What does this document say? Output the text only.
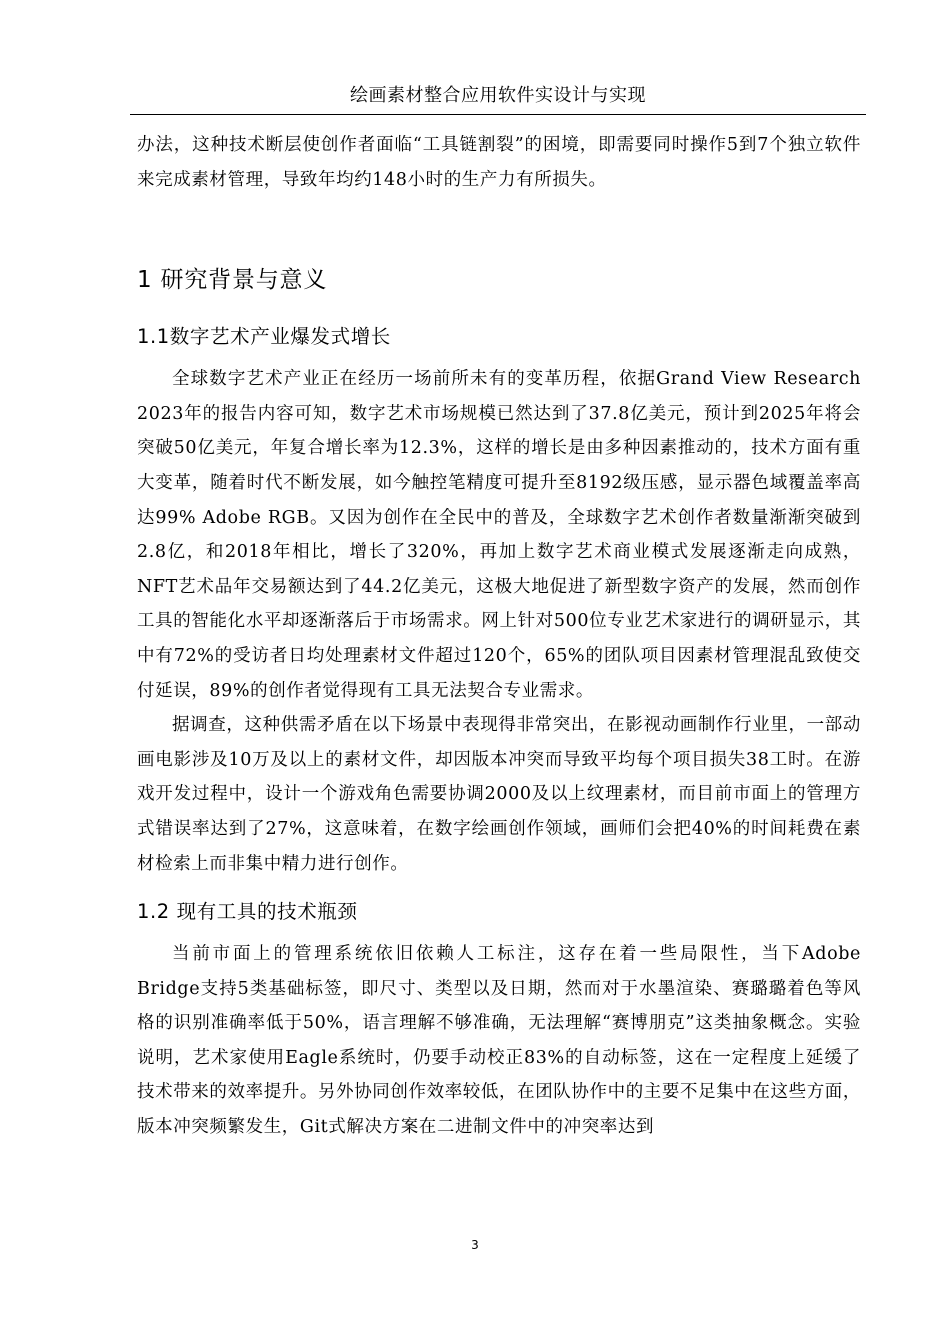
绘画素材整合应用软件实设计与实现

办法，这种技术断层使创作者面临“工具链割裂”的困境，即需要同时操作5到7个独立软件来完成素材管理，导致年均约148小时的生产力有所损失。

1 研究背景与意义
1.1数字艺术产业爆发式增长

全球数字艺术产业正在经历一场前所未有的变革历程，依据Grand View Research 2023年的报告内容可知，数字艺术市场规模已然达到了37.8亿美元，预计到2025年将会突破50亿美元，年复合增长率为12.3%，这样的增长是由多种因素推动的，技术方面有重大变革，随着时代不断发展，如今触控笔精度可提升至8192级压感，显示器色域覆盖率高达99% Adobe RGB。又因为创作在全民中的普及，全球数字艺术创作者数量渐渐突破到2.8亿，和2018年相比，增长了320%，再加上数字艺术商业模式发展逐渐走向成熟，NFT艺术品年交易额达到了44.2亿美元，这极大地促进了新型数字资产的发展，然而创作工具的智能化水平却逐渐落后于市场需求。网上针对500位专业艺术家进行的调研显示，其中有72%的受访者日均处理素材文件超过120个，65%的团队项目因素材管理混乱致使交付延误，89%的创作者觉得现有工具无法契合专业需求。

据调查，这种供需矛盾在以下场景中表现得非常突出，在影视动画制作行业里，一部动画电影涉及10万及以上的素材文件，却因版本冲突而导致平均每个项目损失38工时。在游戏开发过程中，设计一个游戏角色需要协调2000及以上纹理素材，而目前市面上的管理方式错误率达到了27%，这意味着，在数字绘画创作领域，画师们会把40%的时间耗费在素材检索上而非集中精力进行创作。

1.2 现有工具的技术瓶颈

当前市面上的管理系统依旧依赖人工标注，这存在着一些局限性，当下Adobe Bridge支持5类基础标签，即尺寸、类型以及日期，然而对于水墨渲染、赛璐璐着色等风格的识别准确率低于50%，语言理解不够准确，无法理解“赛博朋克”这类抽象概念。实验说明，艺术家使用Eagle系统时，仍要手动校正83%的自动标签，这在一定程度上延缓了技术带来的效率提升。另外协同创作效率较低，在团队协作中的主要不足集中在这些方面，版本冲突频繁发生，Git式解决方案在二进制文件中的冲突率达到

3
